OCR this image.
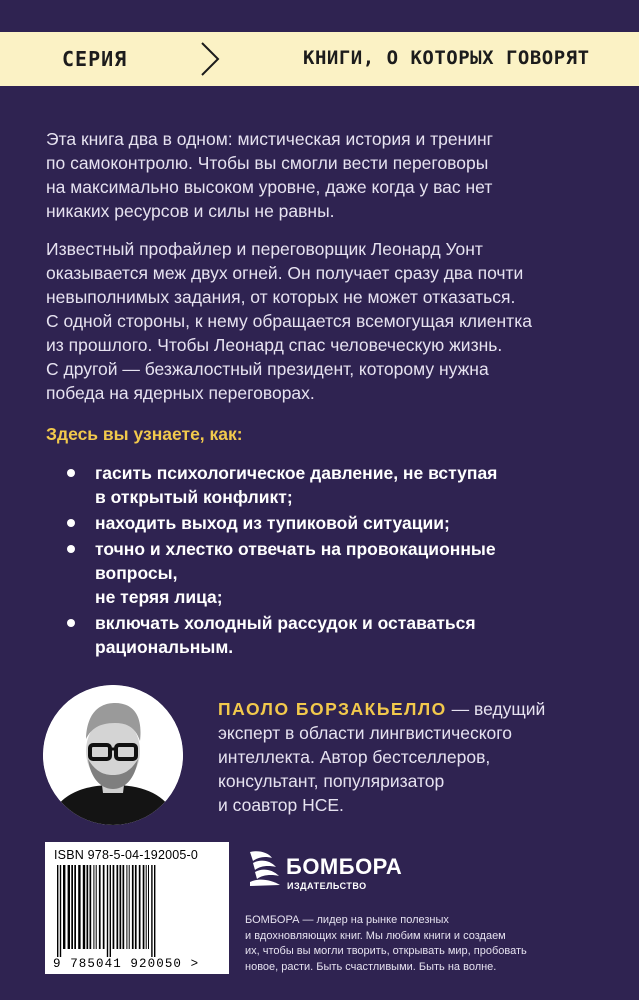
СЕРИЯ	КНИГИ, О КОТОРЫХ ГОВОРЯТ

Эта книга два в одном: мистическая история и тренинг

по самоконтролю. Чтобы вы смогли вести переговоры

на максимально высоком уровне, даже когда у вас нет

никаких ресурсов и силы не равны.

Известный профайлер и переговорщик Леонард Уонт

оказывается меж двух огней. Он получает сразу два почти

невыполнимых задания, от которых не может отказаться.

С одной стороны, к нему обращается всемогущая клиентка

из прошлого. Чтобы Леонард спас человеческую жизнь.

С другой — безжалостный президент, которому нужна

победа на ядерных переговорах.

Здесь вы узнаете, как:
гасить психологическое давление, не вступая
в открытый конфликт;
находить выход из тупиковой ситуации;
точно и хлестко отвечать на провокационные
вопросы,
не теряя лица;
включать холодный рассудок и оставаться
рациональным.
ПАОЛО БОРЗАКЬЕЛЛО — ведущий
эксперт в области лингвистического
интеллекта. Автор бестселлеров,
консультант, популяризатор
и соавтор НСЕ.
ISBN 978-5-04-192005-0
9 785041 920050 >
БОМБОРА
ИЗДАТЕЛЬСТВО
БОМБОРА — лидер на рынке полезных
и вдохновляющих книг. Мы любим книги и создаем
их, чтобы вы могли творить, открывать мир, пробовать
новое, расти. Быть счастливыми. Быть на волне.
